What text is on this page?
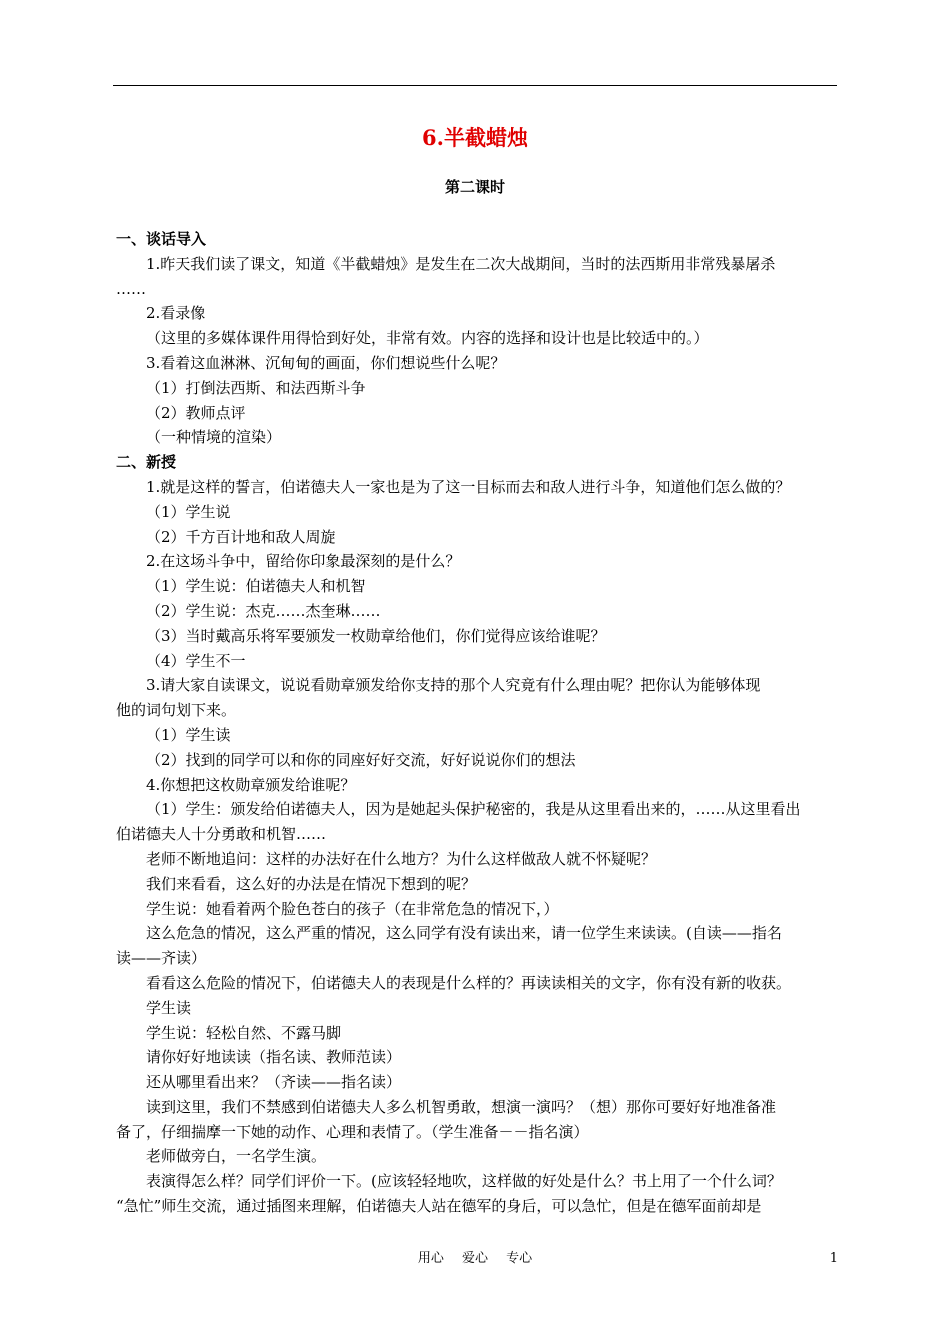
6.半截蜡烛
第二课时
一、谈话导入
1.昨天我们读了课文，知道《半截蜡烛》是发生在二次大战期间，当时的法西斯用非常残暴屠杀
……
2.看录像
（这里的多媒体课件用得恰到好处，非常有效。内容的选择和设计也是比较适中的。）
3.看着这血淋淋、沉甸甸的画面，你们想说些什么呢？
（1）打倒法西斯、和法西斯斗争
（2）教师点评
（一种情境的渲染）
二、新授
1.就是这样的誓言，伯诺德夫人一家也是为了这一目标而去和敌人进行斗争，知道他们怎么做的？
（1）学生说
（2）千方百计地和敌人周旋
2.在这场斗争中，留给你印象最深刻的是什么？
（1）学生说：伯诺德夫人和机智
（2）学生说：杰克……杰奎琳……
（3）当时戴高乐将军要颁发一枚勋章给他们，你们觉得应该给谁呢？
（4）学生不一
3.请大家自读课文，说说看勋章颁发给你支持的那个人究竟有什么理由呢？把你认为能够体现
他的词句划下来。
（1）学生读
（2）找到的同学可以和你的同座好好交流，好好说说你们的想法
4.你想把这枚勋章颁发给谁呢？
（1）学生：颁发给伯诺德夫人，因为是她起头保护秘密的，我是从这里看出来的，……从这里看出
伯诺德夫人十分勇敢和机智……
老师不断地追问：这样的办法好在什么地方？为什么这样做敌人就不怀疑呢？
我们来看看，这么好的办法是在情况下想到的呢？
学生说：她看着两个脸色苍白的孩子（在非常危急的情况下，）
这么危急的情况，这么严重的情况，这么同学有没有读出来，请一位学生来读读。(自读——指名
读——齐读）
看看这么危险的情况下，伯诺德夫人的表现是什么样的？再读读相关的文字，你有没有新的收获。
学生读
学生说：轻松自然、不露马脚
请你好好地读读（指名读、教师范读）
还从哪里看出来？（齐读——指名读）
读到这里，我们不禁感到伯诺德夫人多么机智勇敢，想演一演吗？（想）那你可要好好地准备准
备了，仔细揣摩一下她的动作、心理和表情了。（学生准备－－指名演）
老师做旁白，一名学生演。
表演得怎么样？同学们评价一下。(应该轻轻地吹，这样做的好处是什么？书上用了一个什么词？
“急忙”师生交流，通过插图来理解，伯诺德夫人站在德军的身后，可以急忙，但是在德军面前却是
用心 爱心 专心	1
